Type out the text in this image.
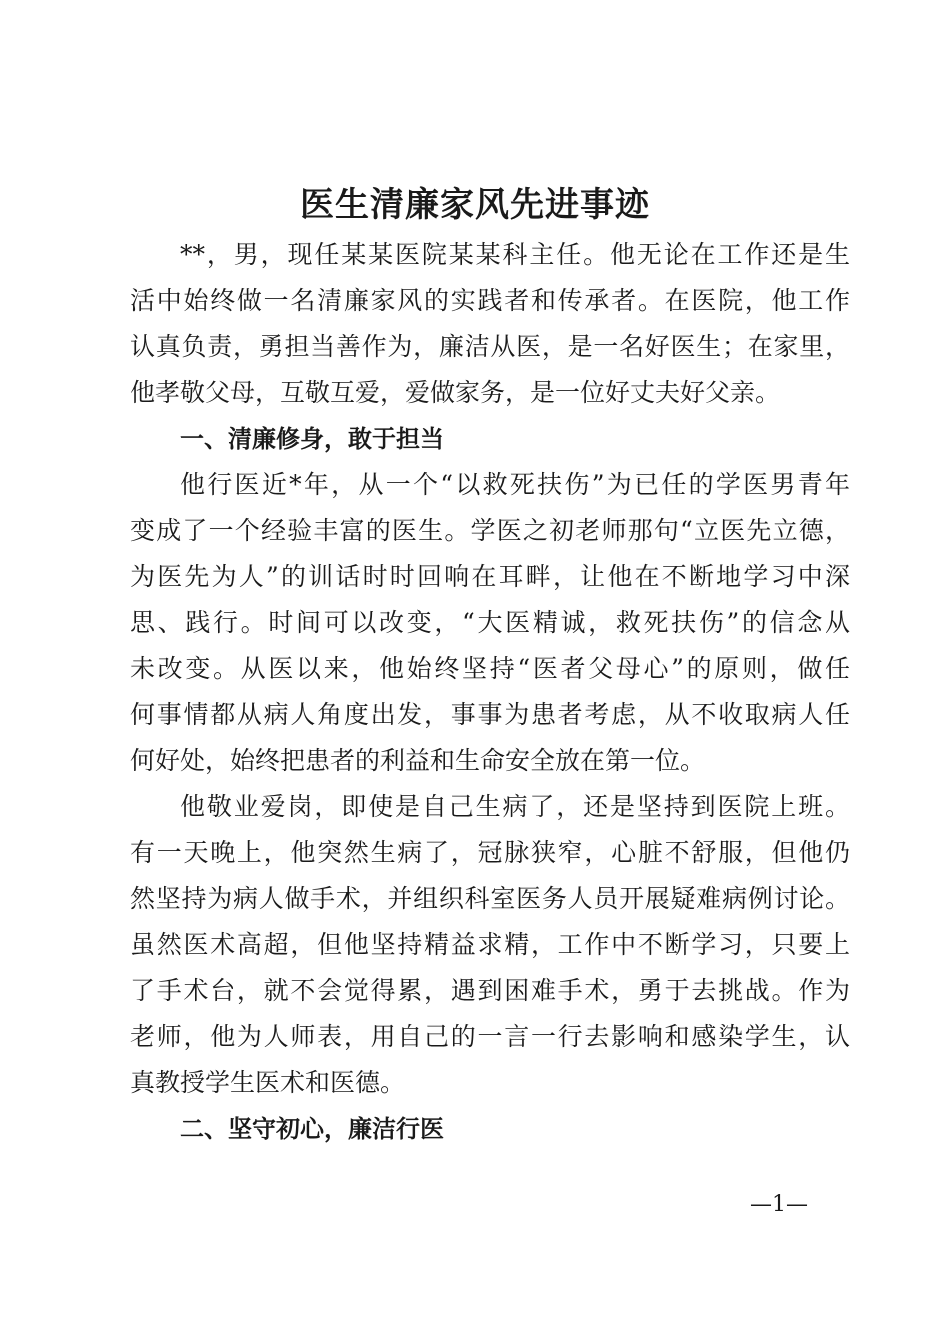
医生清廉家风先进事迹
**，男，现任某某医院某某科主任。他无论在工作还是生
活中始终做一名清廉家风的实践者和传承者。在医院，他工作
认真负责，勇担当善作为，廉洁从医，是一名好医生；在家里，
他孝敬父母，互敬互爱，爱做家务，是一位好丈夫好父亲。
一、清廉修身，敢于担当
他行医近*年，从一个“以救死扶伤”为已任的学医男青年
变成了一个经验丰富的医生。学医之初老师那句“立医先立德，
为医先为人”的训话时时回响在耳畔，让他在不断地学习中深
思、践行。时间可以改变，“大医精诚，救死扶伤”的信念从
未改变。从医以来，他始终坚持“医者父母心”的原则，做任
何事情都从病人角度出发，事事为患者考虑，从不收取病人任
何好处，始终把患者的利益和生命安全放在第一位。
他敬业爱岗，即使是自己生病了，还是坚持到医院上班。
有一天晚上，他突然生病了，冠脉狭窄，心脏不舒服，但他仍
然坚持为病人做手术，并组织科室医务人员开展疑难病例讨论。
虽然医术高超，但他坚持精益求精，工作中不断学习，只要上
了手术台，就不会觉得累，遇到困难手术，勇于去挑战。作为
老师，他为人师表，用自己的一言一行去影响和感染学生，认
真教授学生医术和医德。
二、坚守初心，廉洁行医
—1—
